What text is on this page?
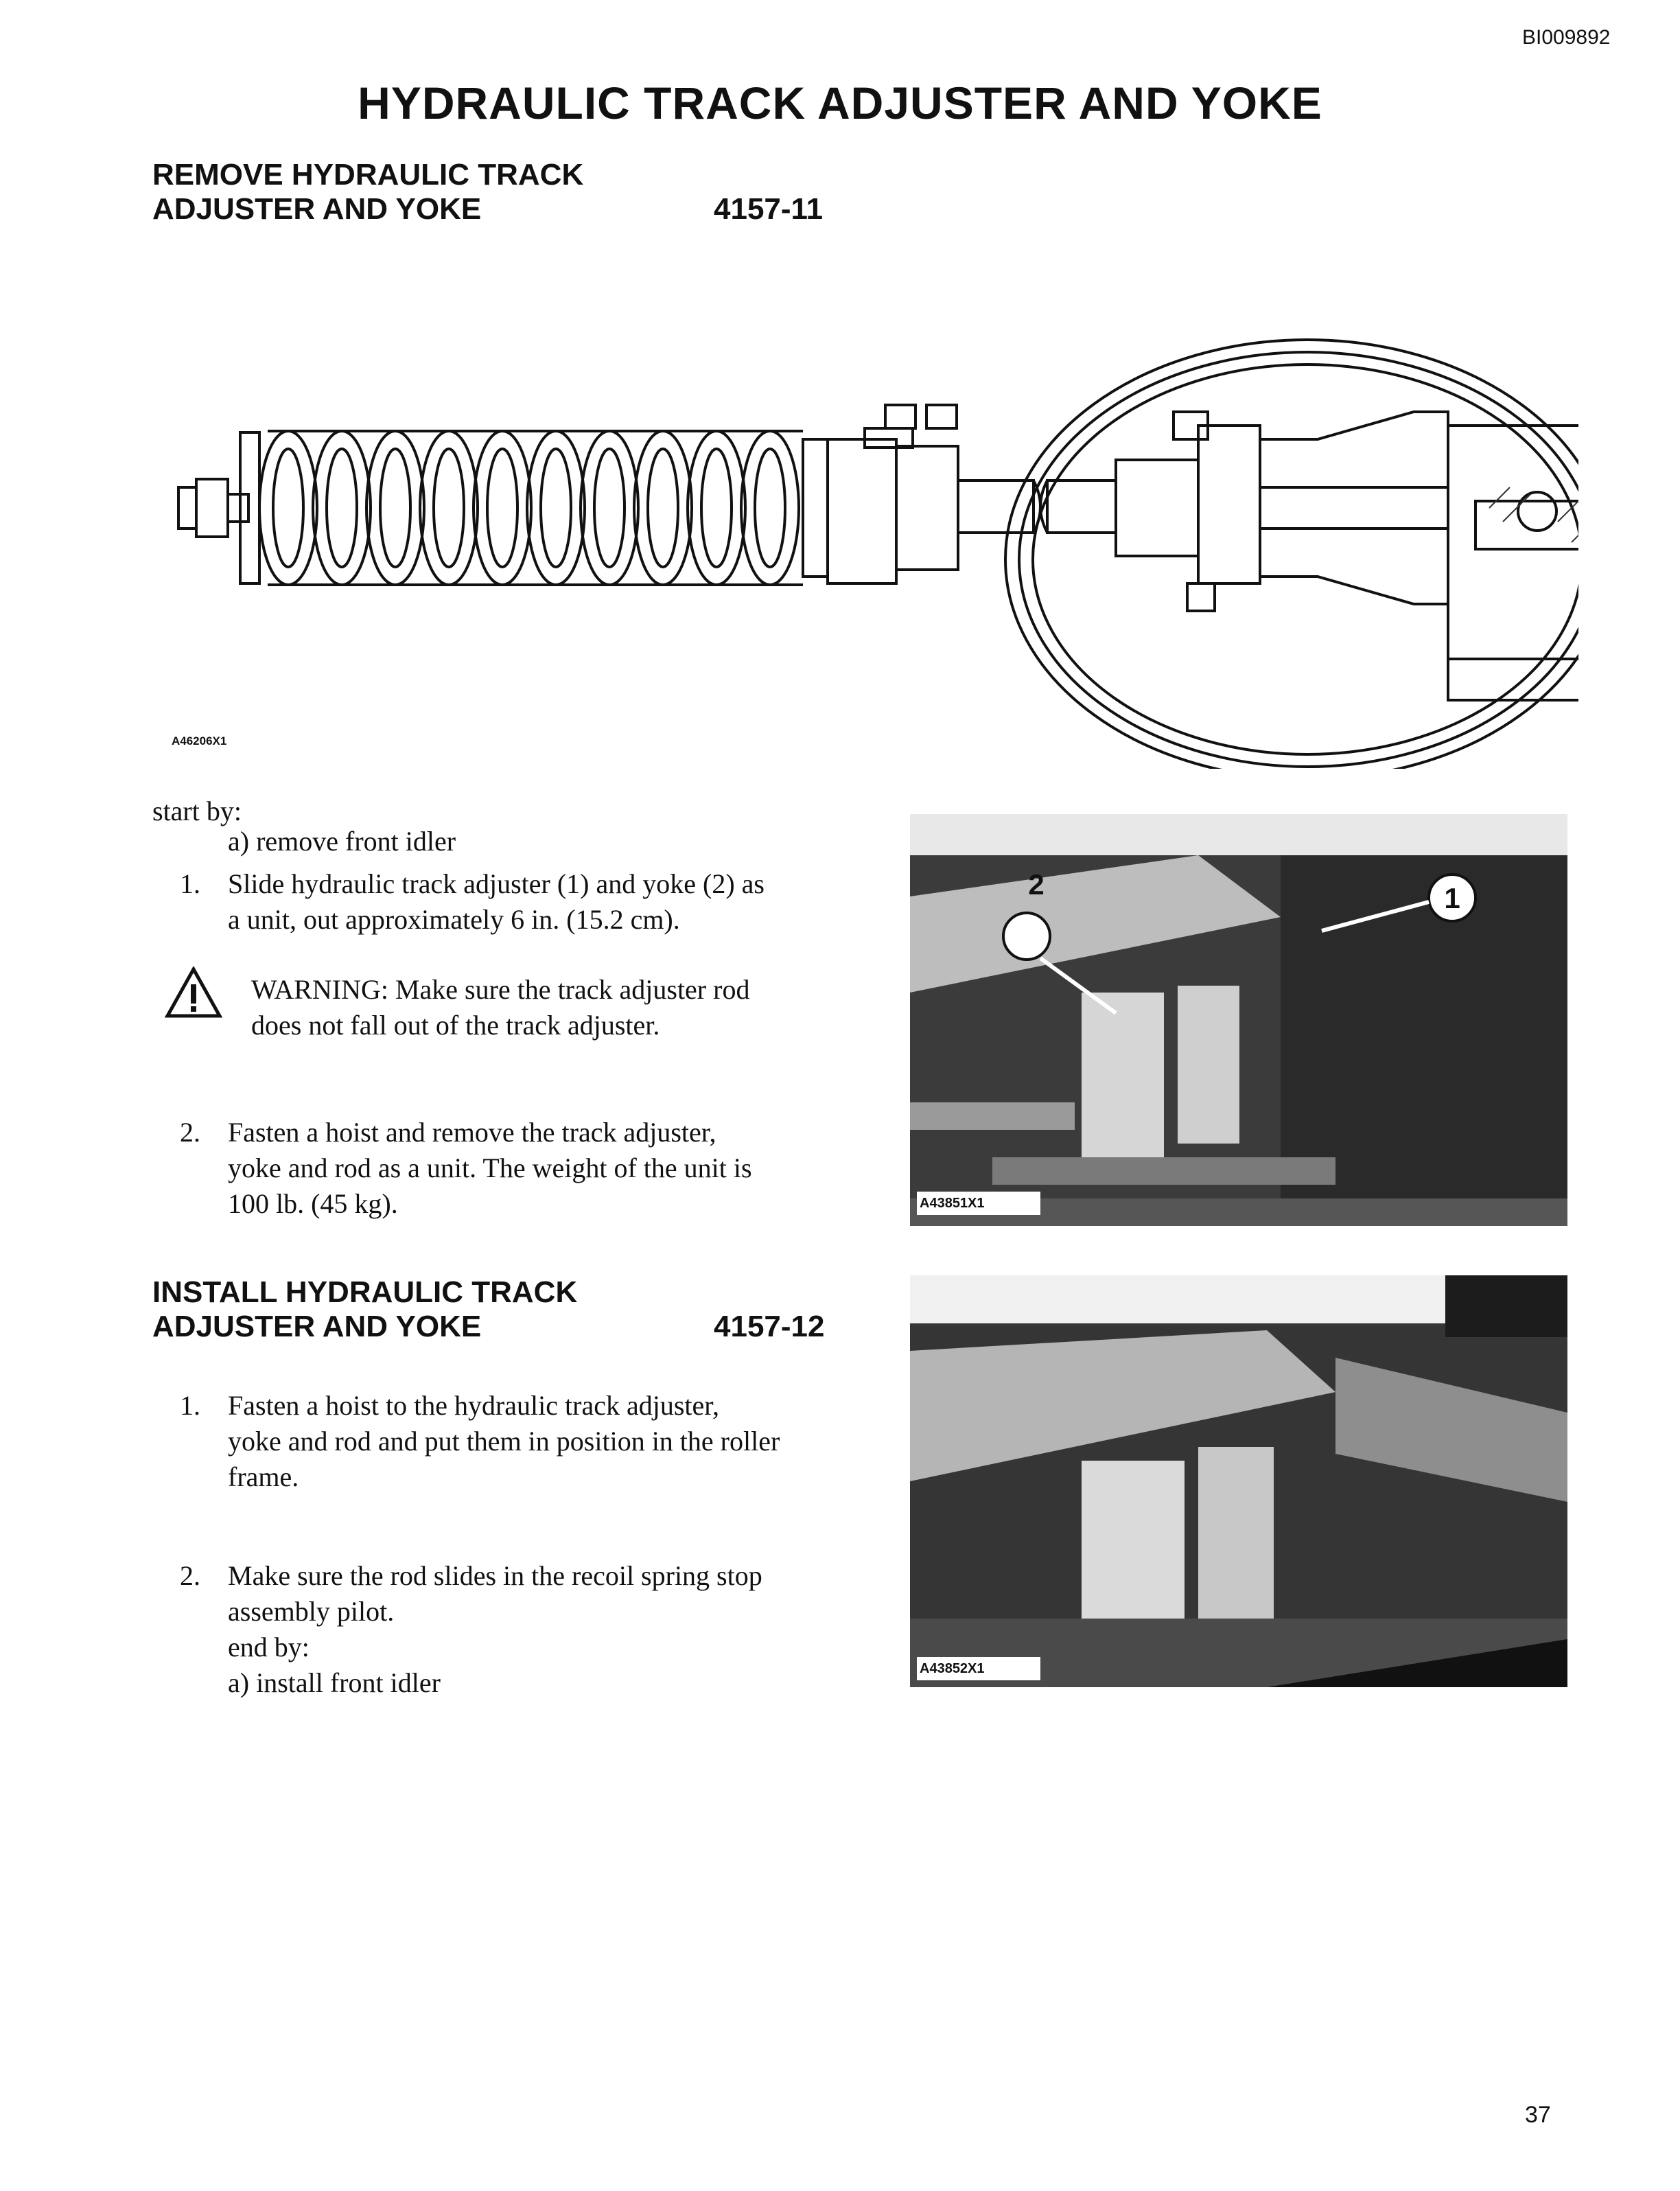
BI009892
HYDRAULIC TRACK ADJUSTER AND YOKE
REMOVE HYDRAULIC TRACK
ADJUSTER AND YOKE	4157-11
A46206X1
start by:
a) remove front idler
1. Slide hydraulic track adjuster (1) and yoke (2) as
a unit, out approximately 6 in. (15.2 cm).
WARNING: Make sure the track adjuster rod
does not fall out of the track adjuster.
2. Fasten a hoist and remove the track adjuster,
yoke and rod as a unit. The weight of the unit is
100 lb. (45 kg).
2	1
A43851X1
INSTALL HYDRAULIC TRACK
ADJUSTER AND YOKE	4157-12
1. Fasten a hoist to the hydraulic track adjuster,
yoke and rod and put them in position in the roller
frame.
2. Make sure the rod slides in the recoil spring stop
assembly pilot.
end by:
a) install front idler	A43852X1
37
